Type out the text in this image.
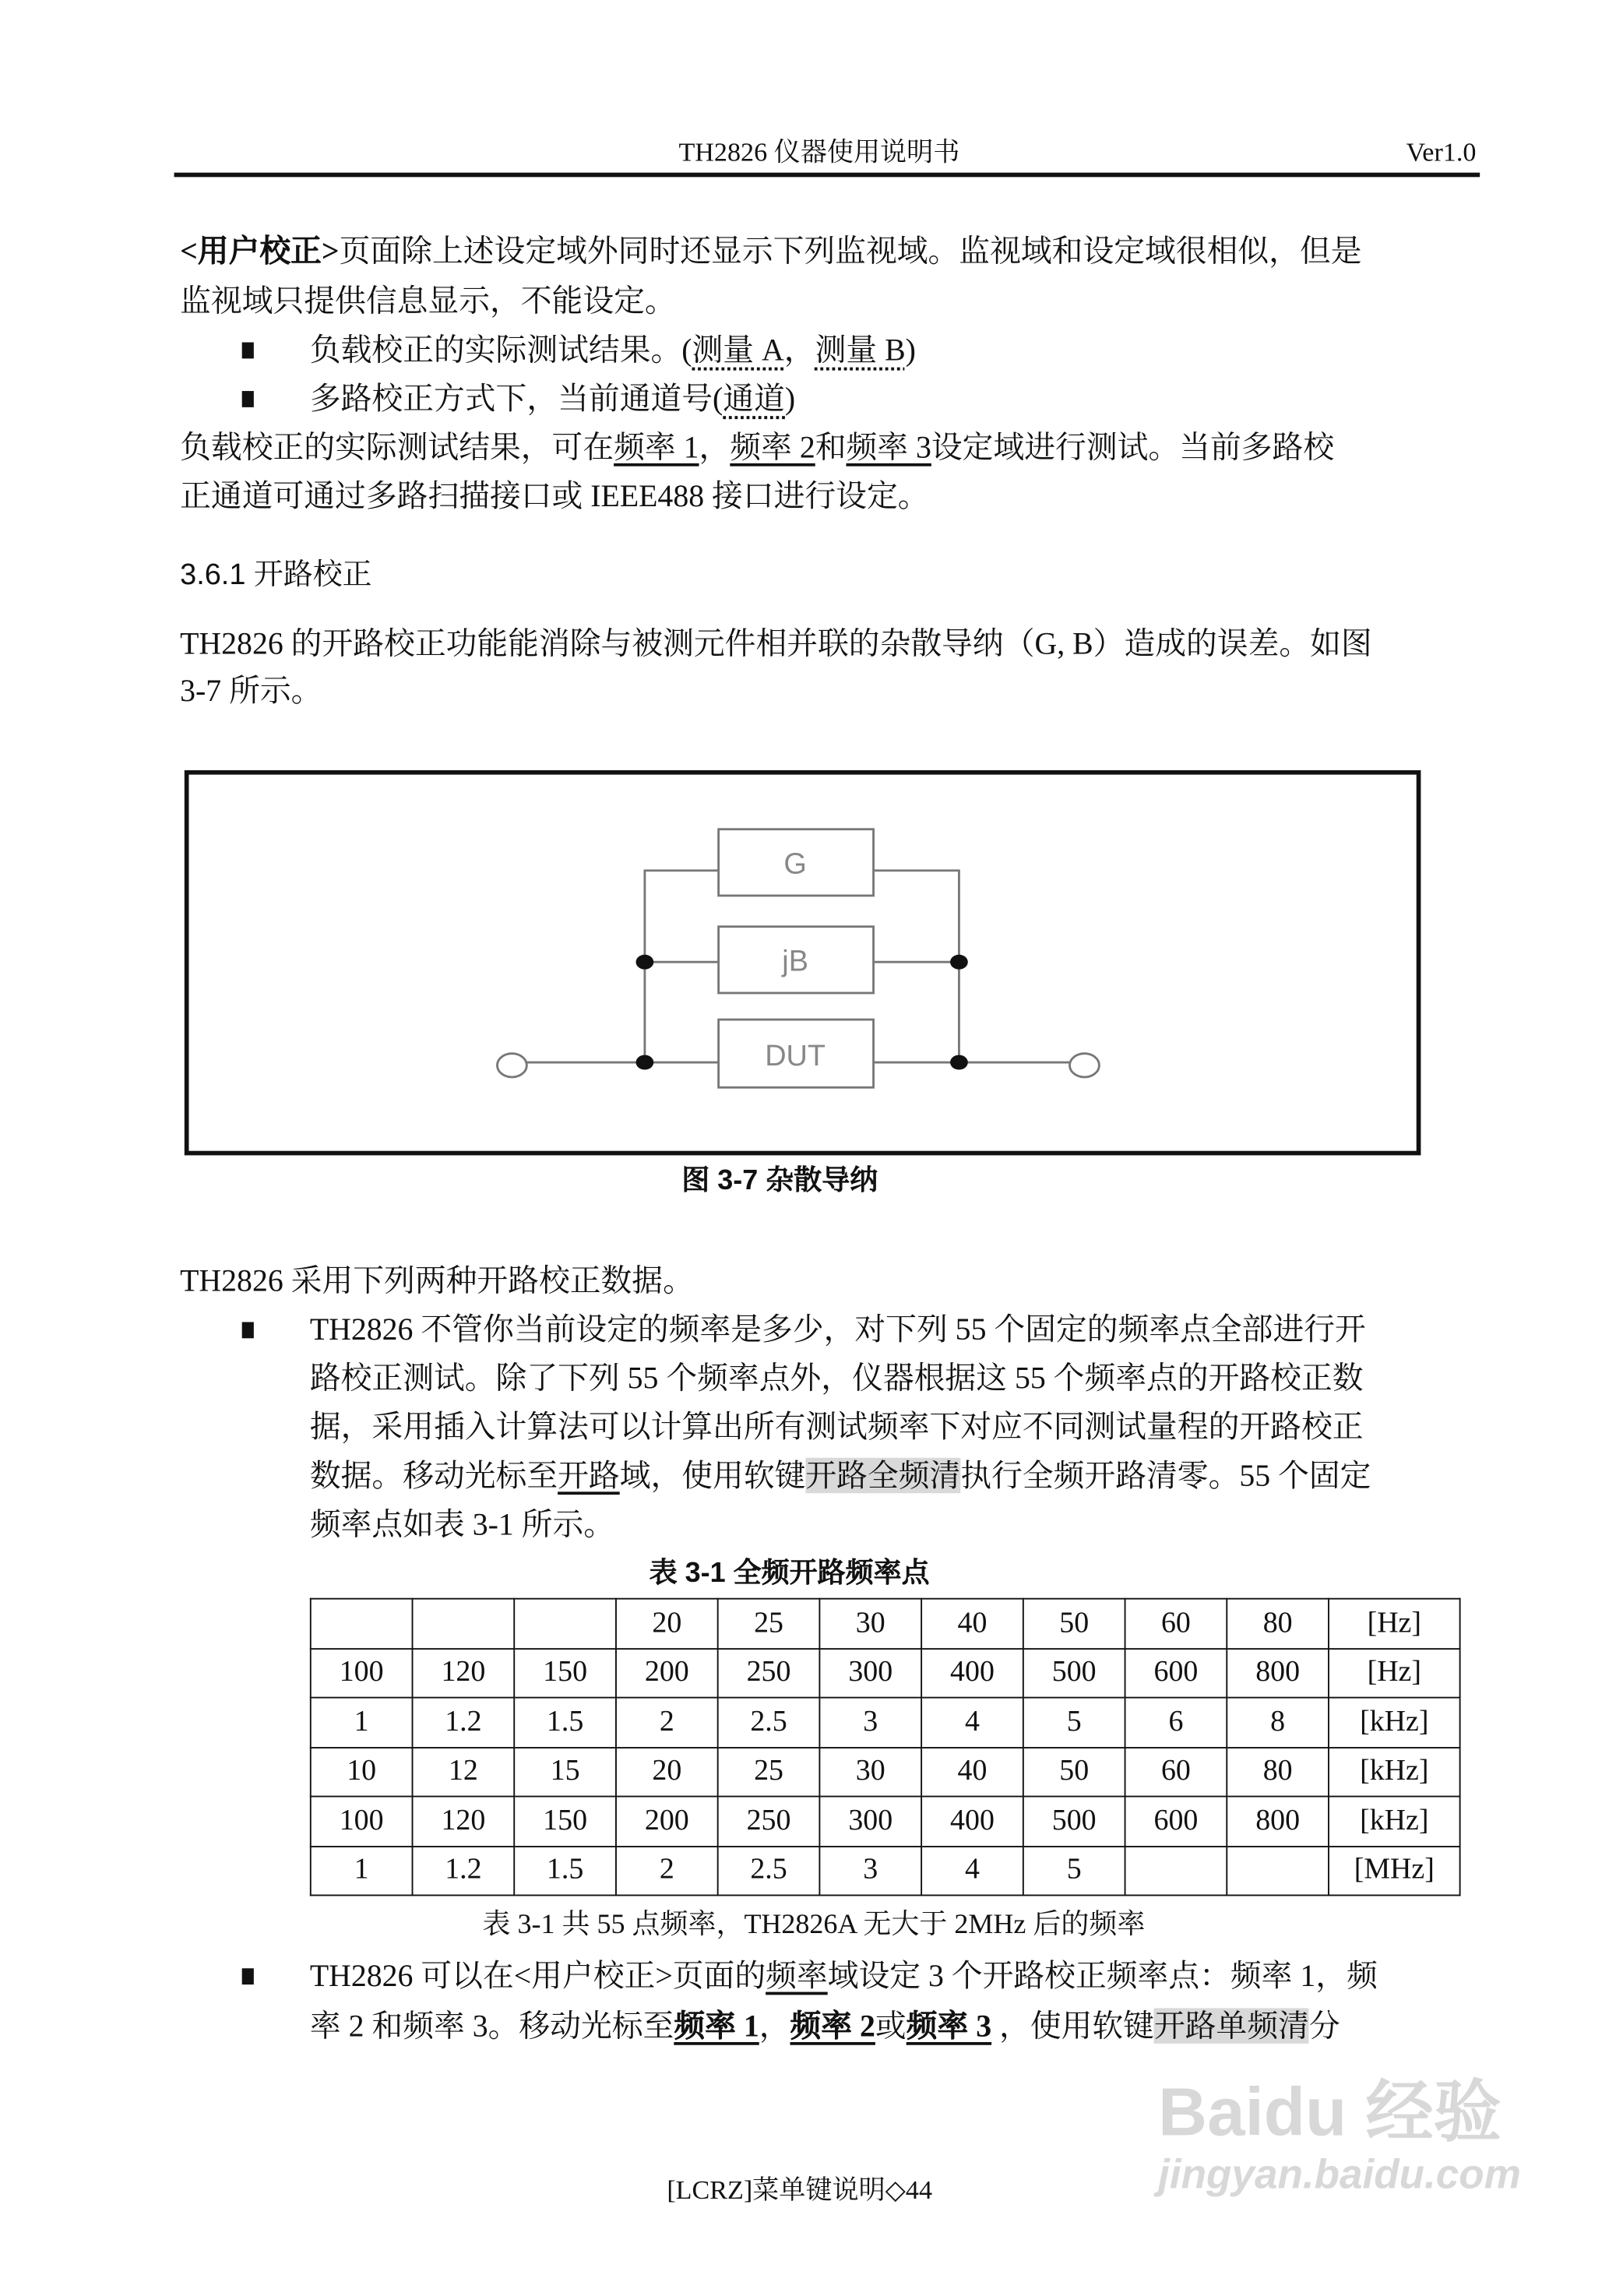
TH2826 仪器使用说明书	Ver1.0
<用户校正>页面除上述设定域外同时还显示下列监视域。监视域和设定域很相似，但是
监视域只提供信息显示，不能设定。
负载校正的实际测试结果。(测量 A，测量 B)
多路校正方式下，当前通道号(通道)
负载校正的实际测试结果，可在频率 1，频率 2和频率 3设定域进行测试。当前多路校
正通道可通过多路扫描接口或 IEEE488 接口进行设定。
3.6.1 开路校正
TH2826 的开路校正功能能消除与被测元件相并联的杂散导纳（G, B）造成的误差。如图
3-7 所示。
G
jB
DUT
图 3-7 杂散导纳
TH2826 采用下列两种开路校正数据。
TH2826 不管你当前设定的频率是多少，对下列 55 个固定的频率点全部进行开
路校正测试。除了下列 55 个频率点外，仪器根据这 55 个频率点的开路校正数
据，采用插入计算法可以计算出所有测试频率下对应不同测试量程的开路校正
数据。移动光标至开路域，使用软键开路全频清执行全频开路清零。55 个固定
频率点如表 3-1 所示。
表 3-1 全频开路频率点
			20	25	30	40	50	60	80	[Hz]
100	120	150	200	250	300	400	500	600	800	[Hz]
1	1.2	1.5	2	2.5	3	4	5	6	8	[kHz]
10	12	15	20	25	30	40	50	60	80	[kHz]
100	120	150	200	250	300	400	500	600	800	[kHz]
1	1.2	1.5	2	2.5	3	4	5			[MHz]
表 3-1 共 55 点频率，TH2826A 无大于 2MHz 后的频率
TH2826 可以在<用户校正>页面的频率域设定 3 个开路校正频率点：频率 1，频
率 2 和频率 3。移动光标至频率 1，频率 2或频率 3 ，使用软键开路单频清分
[LCRZ]菜单键说明◇44
Baidu 经验
jingyan.baidu.com
